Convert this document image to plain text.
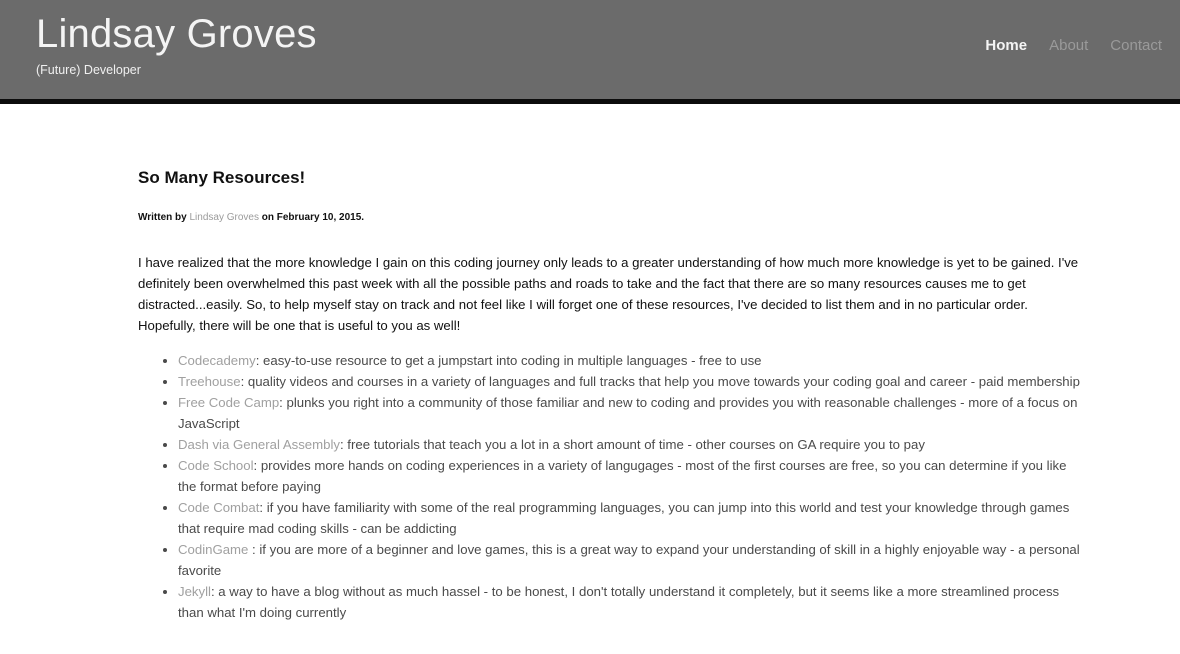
Lindsay Groves

(Future) Developer

Home About Contact
So Many Resources!

Written by Lindsay Groves on February 10, 2015.

I have realized that the more knowledge I gain on this coding journey only leads to a greater understanding of how much more knowledge is yet to be gained. I've definitely been overwhelmed this past week with all the possible paths and roads to take and the fact that there are so many resources causes me to get distracted...easily. So, to help myself stay on track and not feel like I will forget one of these resources, I've decided to list them and in no particular order. Hopefully, there will be one that is useful to you as well!

• Codecademy: easy-to-use resource to get a jumpstart into coding in multiple languages - free to use
• Treehouse: quality videos and courses in a variety of languages and full tracks that help you move towards your coding goal and career - paid membership
• Free Code Camp: plunks you right into a community of those familiar and new to coding and provides you with reasonable challenges - more of a focus on JavaScript
• Dash via General Assembly: free tutorials that teach you a lot in a short amount of time - other courses on GA require you to pay
• Code School: provides more hands on coding experiences in a variety of langugages - most of the first courses are free, so you can determine if you like the format before paying
• Code Combat: if you have familiarity with some of the real programming languages, you can jump into this world and test your knowledge through games that require mad coding skills - can be addicting
• CodinGame : if you are more of a beginner and love games, this is a great way to expand your understanding of skill in a highly enjoyable way - a personal favorite
• Jekyll: a way to have a blog without as much hassel - to be honest, I don't totally understand it completely, but it seems like a more streamlined process than what I'm doing currently
